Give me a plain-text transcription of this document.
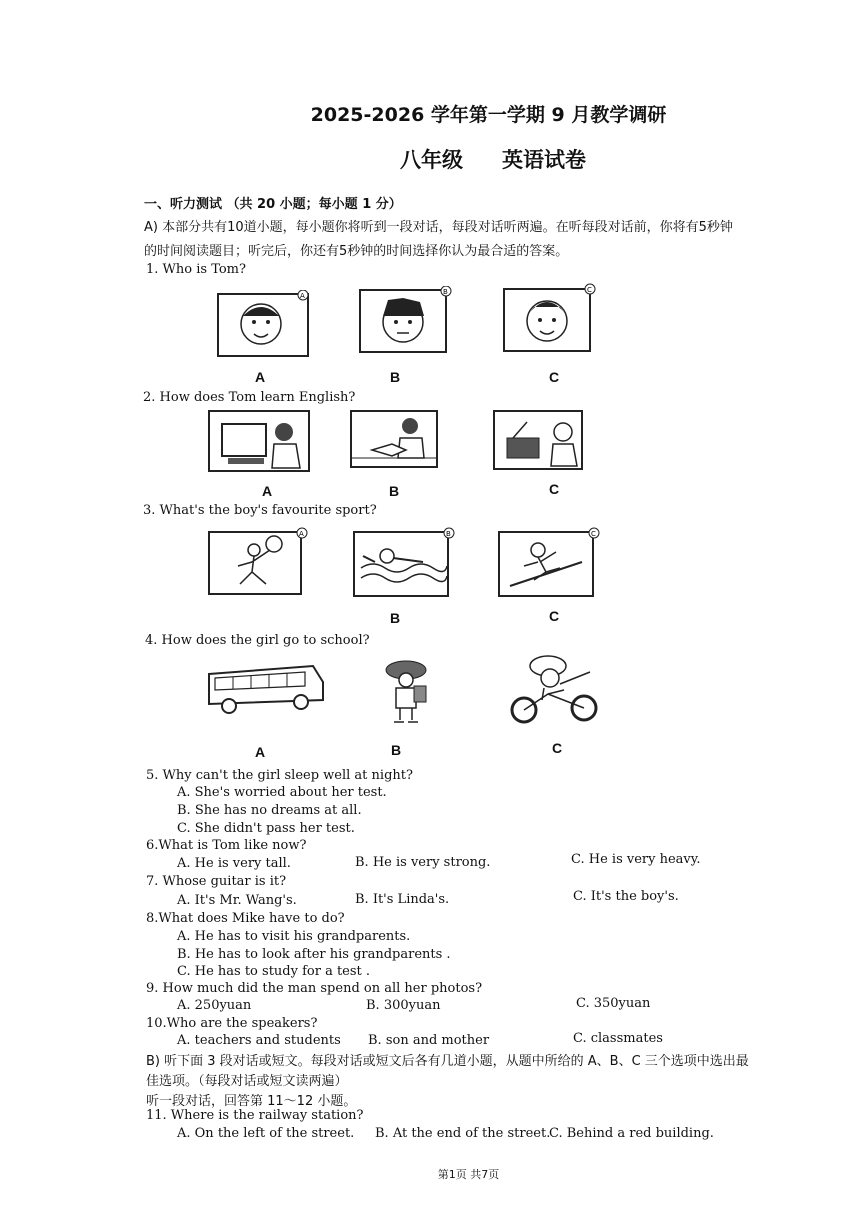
2025-2026 学年第一学期 9 月教学调研
八年级 英语试卷
一、听力测试 （共 20 小题；每小题 1 分）
A) 本部分共有10道小题，每小题你将听到一段对话，每段对话听两遍。在听每段对话前，你将有5秒钟
的时间阅读题目；听完后，你还有5秒钟的时间选择你认为最合适的答案。
1. Who is Tom?
A	B	C
A	B	C
2. How does Tom learn English?
A	B	C
3. What's the boy's favourite sport?
A	B	C
B	C
4. How does the girl go to school?
A	B	C
5. Why can't the girl sleep well at night?
A. She's worried about her test.
B. She has no dreams at all.
C. She didn't pass her test.
6.What is Tom like now?
A. He is very tall.	B. He is very strong.	C. He is very heavy.
7. Whose guitar is it?
A. It's Mr. Wang's.	B. It's Linda's.	C. It's the boy's.
8.What does Mike have to do?
A. He has to visit his grandparents.
B. He has to look after his grandparents .
C. He has to study for a test .
9. How much did the man spend on all her photos?
A. 250yuan	B. 300yuan	C. 350yuan
10.Who are the speakers?
A. teachers and students B. son and mother	C. classmates
B) 听下面 3 段对话或短文。每段对话或短文后各有几道小题，从题中所给的 A、B、C 三个选项中选出最
佳选项。（每段对话或短文读两遍）
听一段对话，回答第 11～12 小题。
11. Where is the railway station?
A. On the left of the street. B. At the end of the street.
C. Behind a red building.
第1页 共7页
